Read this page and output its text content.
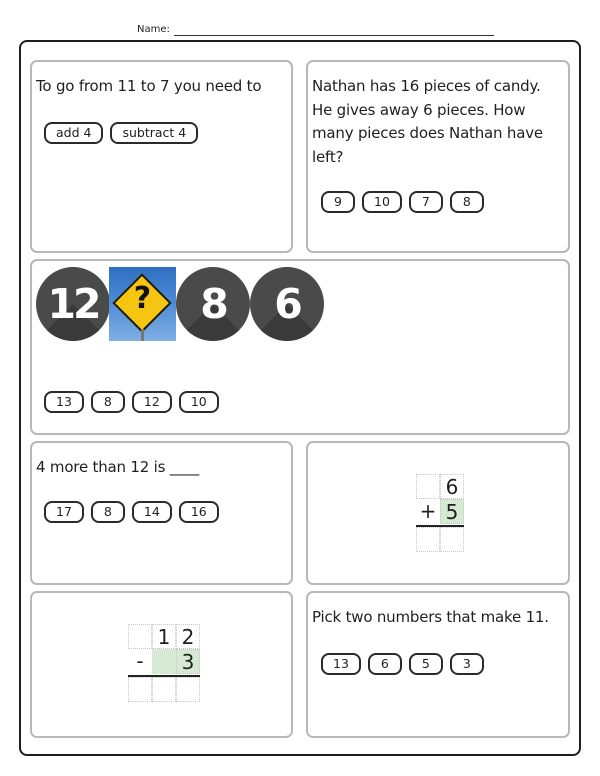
Name:
To go from 11 to 7 you need to
add 4	subtract 4
Nathan has 16 pieces of candy.
He gives away 6 pieces. How
many pieces does Nathan have
left?
9	10	7	8
12	?	8	6
13	8	12	10
4 more than 12 is ____
17	8	14	16
6
+ 5
1 2
-	3
Pick two numbers that make 11.
13	6	5	3
